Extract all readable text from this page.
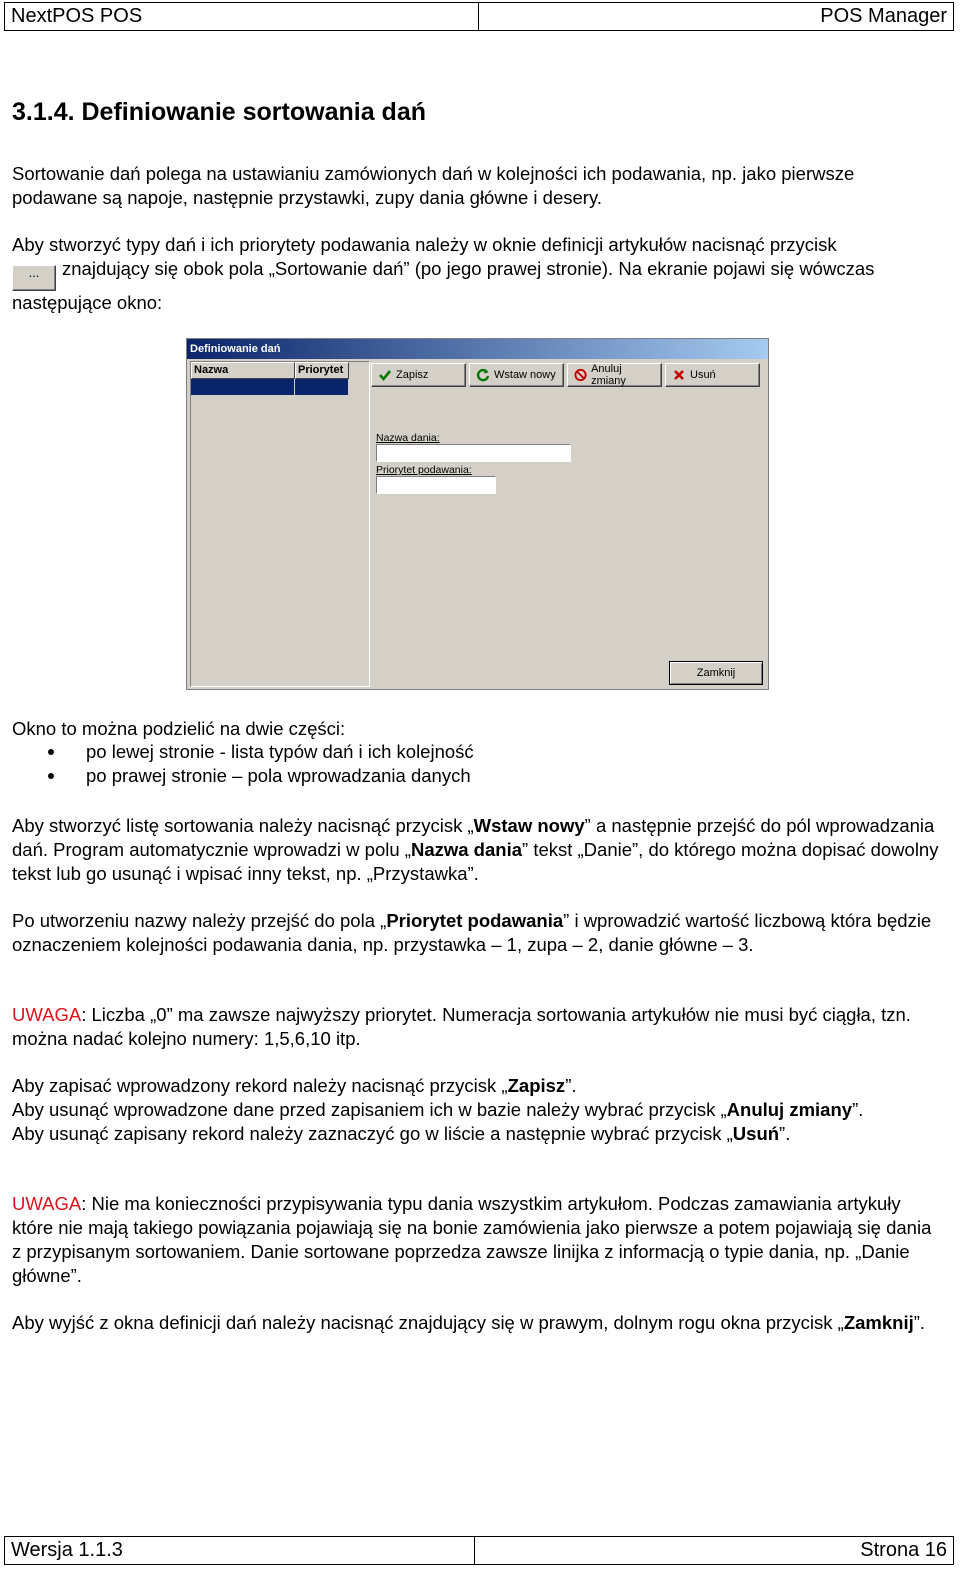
NextPOS POS	POS Manager
3.1.4. Definiowanie sortowania dań

Sortowanie dań polega na ustawianiu zamówionych dań w kolejności ich podawania, np. jako pierwsze podawane są napoje, następnie przystawki, zupy dania główne i desery.

Aby stworzyć typy dań i ich priorytety podawania należy w oknie definicji artykułów nacisnąć przycisk
... znajdujący się obok pola „Sortowanie dań” (po jego prawej stronie). Na ekranie pojawi się wówczas następujące okno:

Definiowanie dań
Nazwa	Priorytet	Zapisz	Wstaw nowy	Anuluj zmiany	Usuń
Nazwa dania:
Priorytet podawania:
Zamknij

Okno to można podzielić na dwie części:

po lewej stronie - lista typów dań i ich kolejność
po prawej stronie – pola wprowadzania danych

Aby stworzyć listę sortowania należy nacisnąć przycisk „Wstaw nowy” a następnie przejść do pól wprowadzania dań. Program automatycznie wprowadzi w polu „Nazwa dania” tekst „Danie”, do którego można dopisać dowolny tekst lub go usunąć i wpisać inny tekst, np. „Przystawka”.

Po utworzeniu nazwy należy przejść do pola „Priorytet podawania” i wprowadzić wartość liczbową która będzie oznaczeniem kolejności podawania dania, np. przystawka – 1, zupa – 2, danie główne – 3.

UWAGA: Liczba „0” ma zawsze najwyższy priorytet. Numeracja sortowania artykułów nie musi być ciągła, tzn. można nadać kolejno numery: 1,5,6,10 itp.

Aby zapisać wprowadzony rekord należy nacisnąć przycisk „Zapisz”.
Aby usunąć wprowadzone dane przed zapisaniem ich w bazie należy wybrać przycisk „Anuluj zmiany”.
Aby usunąć zapisany rekord należy zaznaczyć go w liście a następnie wybrać przycisk „Usuń”.

UWAGA: Nie ma konieczności przypisywania typu dania wszystkim artykułom. Podczas zamawiania artykuły które nie mają takiego powiązania pojawiają się na bonie zamówienia jako pierwsze a potem pojawiają się dania z przypisanym sortowaniem. Danie sortowane poprzedza zawsze linijka z informacją o typie dania, np. „Danie główne”.

Aby wyjść z okna definicji dań należy nacisnąć znajdujący się w prawym, dolnym rogu okna przycisk „Zamknij”.

Wersja 1.1.3	Strona 16
